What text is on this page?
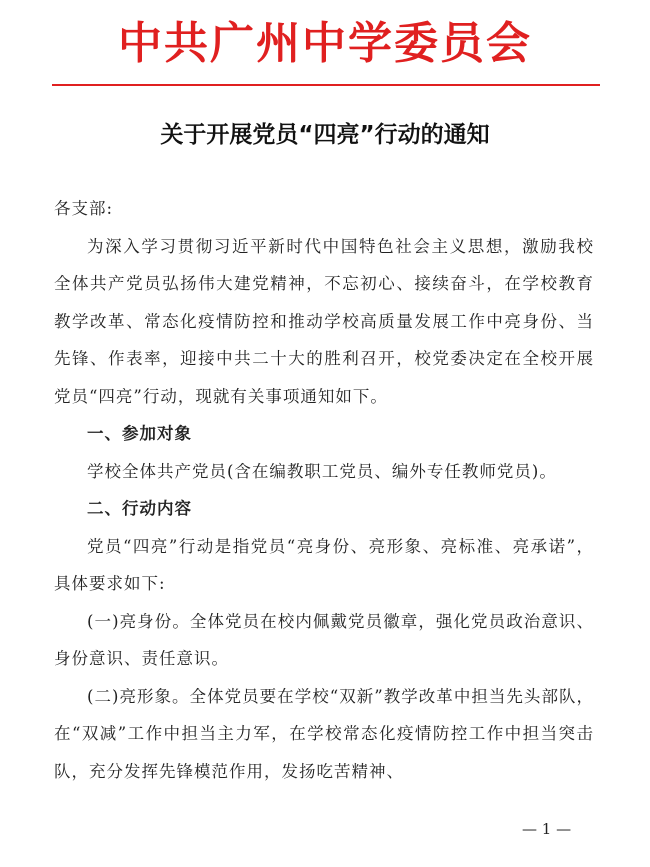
中共广州中学委员会
关于开展党员“四亮”行动的通知

各支部:

为深入学习贯彻习近平新时代中国特色社会主义思想，激励我校全体共产党员弘扬伟大建党精神，不忘初心、接续奋斗，在学校教育教学改革、常态化疫情防控和推动学校高质量发展工作中亮身份、当先锋、作表率，迎接中共二十大的胜利召开，校党委决定在全校开展党员“四亮”行动，现就有关事项通知如下。

一、参加对象

学校全体共产党员(含在编教职工党员、编外专任教师党员)。

二、行动内容

党员“四亮”行动是指党员“亮身份、亮形象、亮标准、亮承诺”，具体要求如下:

(一)亮身份。全体党员在校内佩戴党员徽章，强化党员政治意识、身份意识、责任意识。

(二)亮形象。全体党员要在学校“双新”教学改革中担当先头部队，在“双减”工作中担当主力军，在学校常态化疫情防控工作中担当突击队，充分发挥先锋模范作用，发扬吃苦精神、

— 1 —
